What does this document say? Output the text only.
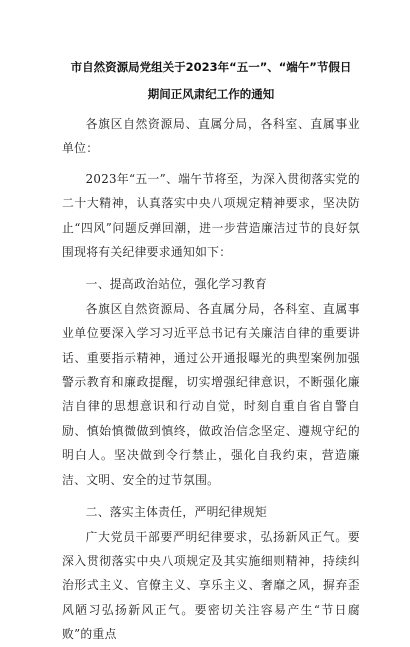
市自然资源局党组关于2023年“五一”、“端午”节假日
期间正风肃纪工作的通知

各旗区自然资源局、直属分局，各科室、直属事业单位：

2023年“五一”、端午节将至，为深入贯彻落实党的二十大精神，认真落实中央八项规定精神要求，坚决防止“四风”问题反弹回潮，进一步营造廉洁过节的良好氛围现将有关纪律要求通知如下：

一、提高政治站位，强化学习教育

各旗区自然资源局、各直属分局，各科室、直属事业单位要深入学习习近平总书记有关廉洁自律的重要讲话、重要指示精神，通过公开通报曝光的典型案例加强警示教育和廉政提醒，切实增强纪律意识，不断强化廉洁自律的思想意识和行动自觉，时刻自重自省自警自励、慎始慎微做到慎终，做政治信念坚定、遵规守纪的明白人。坚决做到令行禁止，强化自我约束，营造廉洁、文明、安全的过节氛围。

二、落实主体责任，严明纪律规矩

广大党员干部要严明纪律要求，弘扬新风正气。要深入贯彻落实中央八项规定及其实施细则精神，持续纠治形式主义、官僚主义、享乐主义、奢靡之风，摒弃歪风陋习弘扬新风正气。要密切关注容易产生“节日腐败”的重点
